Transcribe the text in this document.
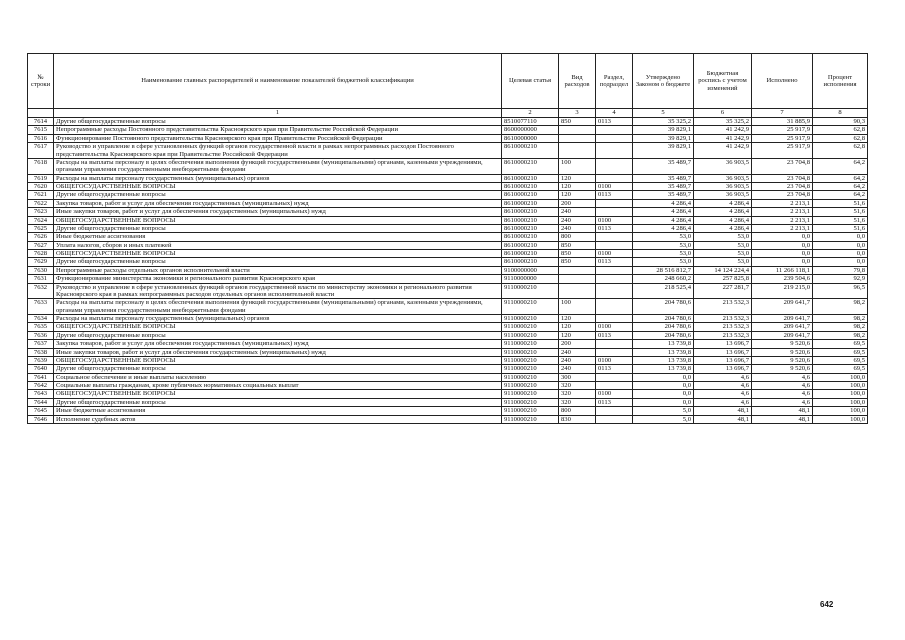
№ строки	Наименование главных распорядителей и наименование показателей бюджетной классификации	Целевая статья	Вид расходов	Раздел, подраздел	Утверждено Законом о бюджете	Бюджетная роспись с учетом изменений	Исполнено	Процент исполнения
	1	2	3	4	5	6	7	8
7614	Другие общегосударственные вопросы	8510077110	850	0113	35 325,2	35 325,2	31 885,9	90,3
7615	Непрограммные расходы Постоянного представительства Красноярского края при Правительстве Российской Федерации	8600000000			39 829,1	41 242,9	25 917,9	62,8
7616	Функционирование Постоянного представительства Красноярского края при Правительстве Российской Федерации	8610000000			39 829,1	41 242,9	25 917,9	62,8
7617	Руководство и управление в сфере установленных функций органов государственной власти в рамках непрограммных расходов Постоянного представительства Красноярского края при Правительстве Российской Федерации	8610000210			39 829,1	41 242,9	25 917,9	62,8
7618	Расходы на выплаты персоналу в целях обеспечения выполнения функций государственными (муниципальными) органами, казенными учреждениями, органами управления государственными внебюджетными фондами	8610000210	100		35 489,7	36 903,5	23 704,8	64,2
7619	Расходы на выплаты персоналу государственных (муниципальных) органов	8610000210	120		35 489,7	36 903,5	23 704,8	64,2
7620	ОБЩЕГОСУДАРСТВЕННЫЕ ВОПРОСЫ	8610000210	120	0100	35 489,7	36 903,5	23 704,8	64,2
7621	Другие общегосударственные вопросы	8610000210	120	0113	35 489,7	36 903,5	23 704,8	64,2
7622	Закупка товаров, работ и услуг для обеспечения государственных (муниципальных) нужд	8610000210	200		4 286,4	4 286,4	2 213,1	51,6
7623	Иные закупки товаров, работ и услуг для обеспечения государственных (муниципальных) нужд	8610000210	240		4 286,4	4 286,4	2 213,1	51,6
7624	ОБЩЕГОСУДАРСТВЕННЫЕ ВОПРОСЫ	8610000210	240	0100	4 286,4	4 286,4	2 213,1	51,6
7625	Другие общегосударственные вопросы	8610000210	240	0113	4 286,4	4 286,4	2 213,1	51,6
7626	Иные бюджетные ассигнования	8610000210	800		53,0	53,0	0,0	0,0
7627	Уплата налогов, сборов и иных платежей	8610000210	850		53,0	53,0	0,0	0,0
7628	ОБЩЕГОСУДАРСТВЕННЫЕ ВОПРОСЫ	8610000210	850	0100	53,0	53,0	0,0	0,0
7629	Другие общегосударственные вопросы	8610000210	850	0113	53,0	53,0	0,0	0,0
7630	Непрограммные расходы отдельных органов исполнительной власти	9100000000			28 516 812,7	14 124 224,4	11 266 118,1	79,8
7631	Функционирование министерства экономики и регионального развития Красноярского края	9110000000			248 660,2	257 825,8	239 504,6	92,9
7632	Руководство и управление в сфере установленных функций органов государственной власти по министерству экономики и регионального развития Красноярского края в рамках непрограммных расходов отдельных органов исполнительной власти	9110000210			218 525,4	227 281,7	219 215,0	96,5
7633	Расходы на выплаты персоналу в целях обеспечения выполнения функций государственными (муниципальными) органами, казенными учреждениями, органами управления государственными внебюджетными фондами	9110000210	100		204 780,6	213 532,3	209 641,7	98,2
7634	Расходы на выплаты персоналу государственных (муниципальных) органов	9110000210	120		204 780,6	213 532,3	209 641,7	98,2
7635	ОБЩЕГОСУДАРСТВЕННЫЕ ВОПРОСЫ	9110000210	120	0100	204 780,6	213 532,3	209 641,7	98,2
7636	Другие общегосударственные вопросы	9110000210	120	0113	204 780,6	213 532,3	209 641,7	98,2
7637	Закупка товаров, работ и услуг для обеспечения государственных (муниципальных) нужд	9110000210	200		13 739,8	13 696,7	9 520,6	69,5
7638	Иные закупки товаров, работ и услуг для обеспечения государственных (муниципальных) нужд	9110000210	240		13 739,8	13 696,7	9 520,6	69,5
7639	ОБЩЕГОСУДАРСТВЕННЫЕ ВОПРОСЫ	9110000210	240	0100	13 739,8	13 696,7	9 520,6	69,5
7640	Другие общегосударственные вопросы	9110000210	240	0113	13 739,8	13 696,7	9 520,6	69,5
7641	Социальное обеспечение и иные выплаты населению	9110000210	300		0,0	4,6	4,6	100,0
7642	Социальные выплаты гражданам, кроме публичных нормативных социальных выплат	9110000210	320		0,0	4,6	4,6	100,0
7643	ОБЩЕГОСУДАРСТВЕННЫЕ ВОПРОСЫ	9110000210	320	0100	0,0	4,6	4,6	100,0
7644	Другие общегосударственные вопросы	9110000210	320	0113	0,0	4,6	4,6	100,0
7645	Иные бюджетные ассигнования	9110000210	800		5,0	48,1	48,1	100,0
7646	Исполнение судебных актов	9110000210	830		5,0	48,1	48,1	100,0
642
